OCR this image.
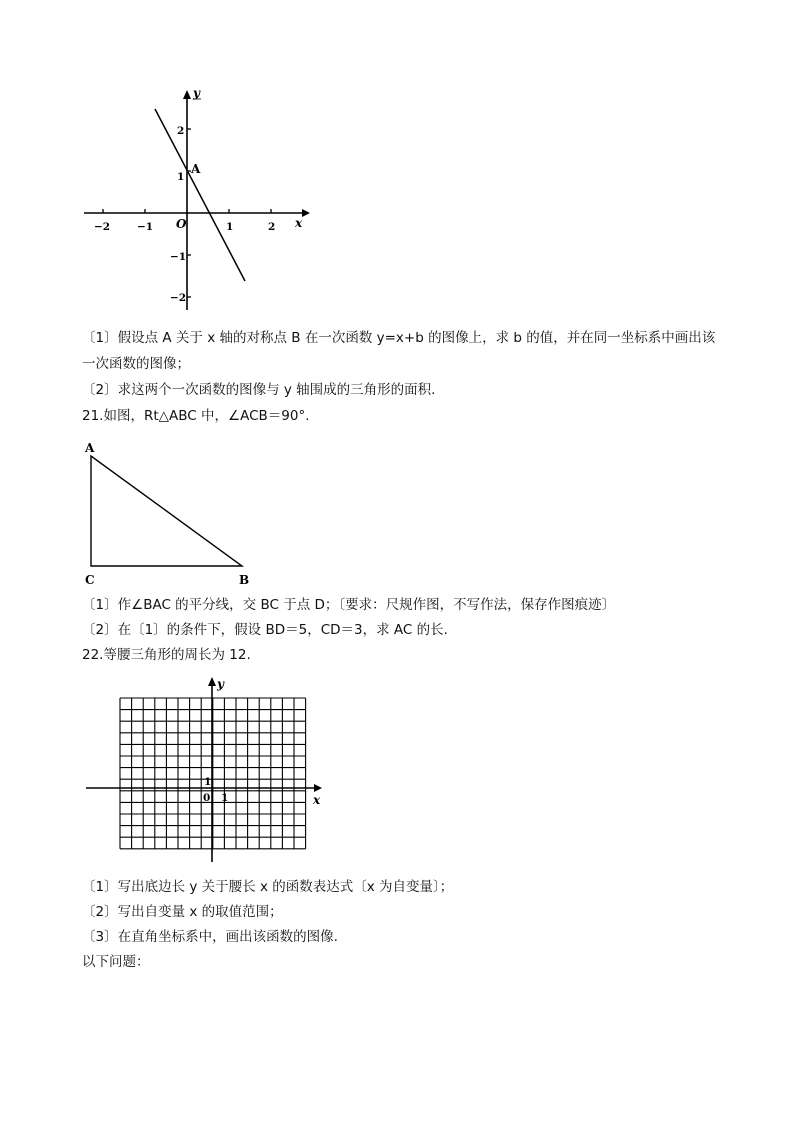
y
x
O
A
−2	−1	1	2
2
1
−1
−2
〔1〕假设点 A 关于 x 轴的对称点 B 在一次函数 y=x+b 的图像上，求 b 的值，并在同一坐标系中画出该
一次函数的图像；
〔2〕求这两个一次函数的图像与 y 轴围成的三角形的面积.
21.如图，Rt△ABC 中，∠ACB＝90°.
A
C	B
〔1〕作∠BAC 的平分线，交 BC 于点 D；〔要求：尺规作图，不写作法，保存作图痕迹〕
〔2〕在〔1〕的条件下，假设 BD＝5，CD＝3，求 AC 的长.
22.等腰三角形的周长为 12.
y
x
1
0 1
〔1〕写出底边长 y 关于腰长 x 的函数表达式〔x 为自变量〕；
〔2〕写出自变量 x 的取值范围；
〔3〕在直角坐标系中，画出该函数的图像.
以下问题：
